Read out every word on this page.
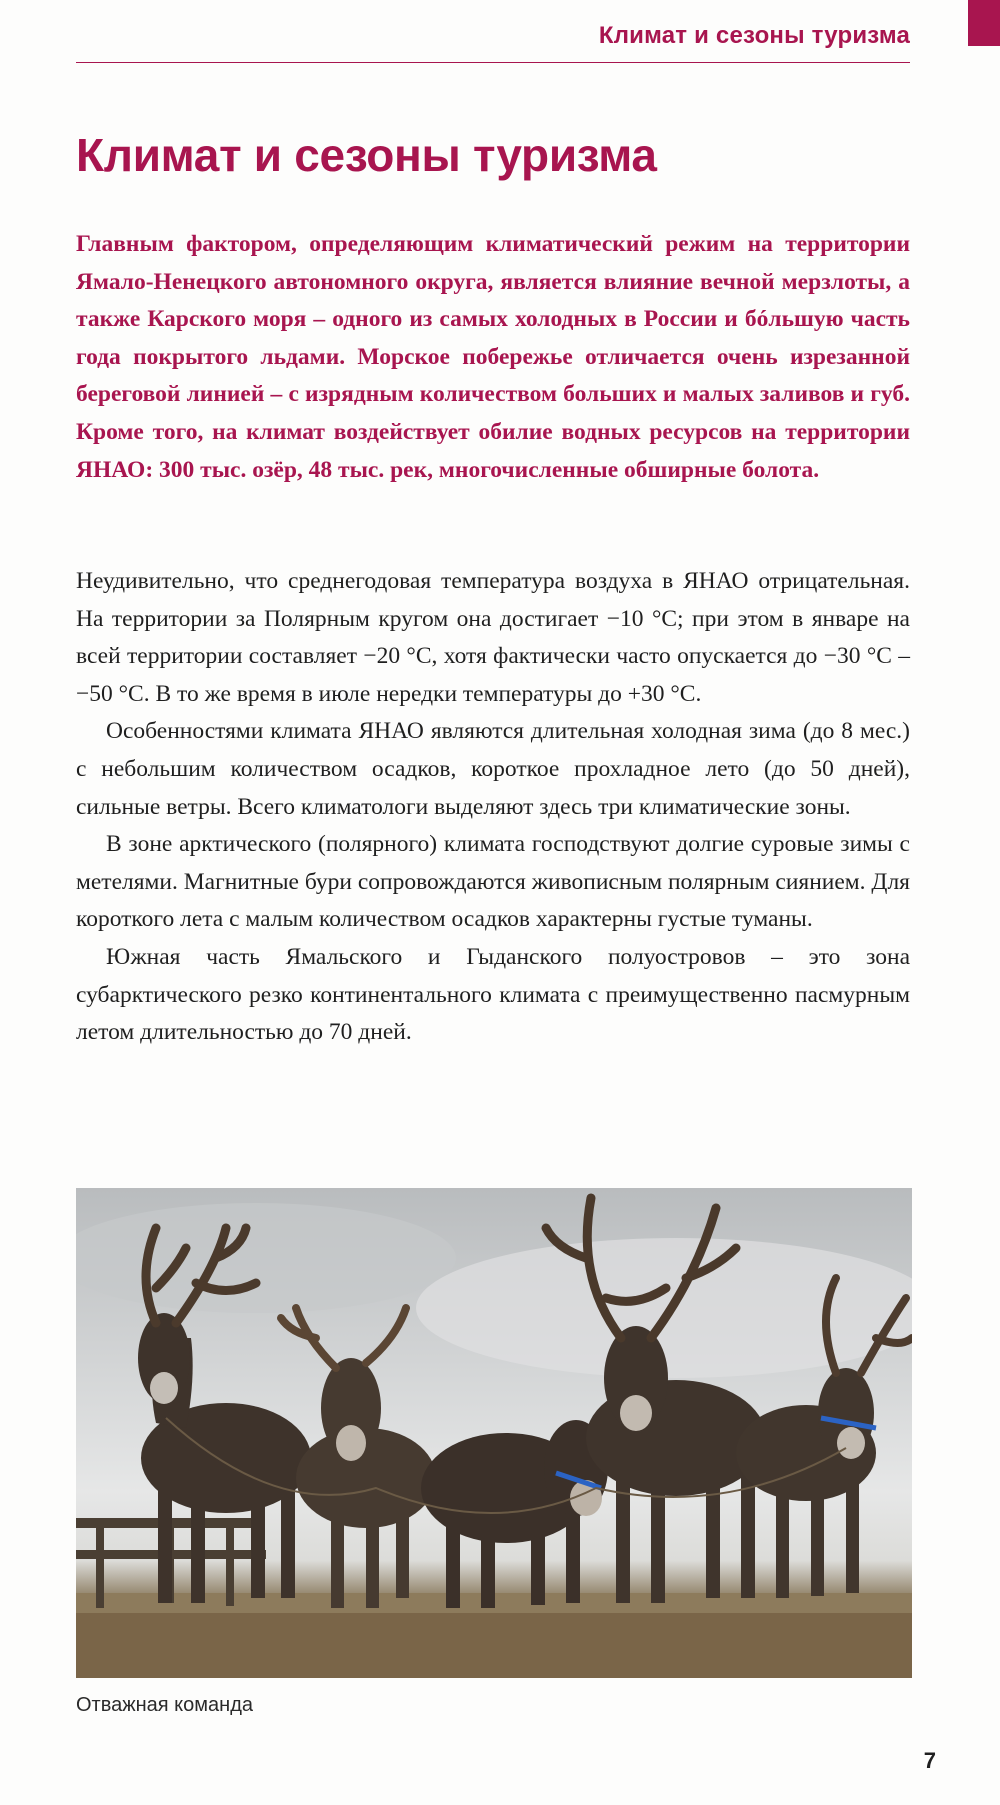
Климат и сезоны туризма
Климат и сезоны туризма

Главным фактором, определяющим климатический режим на территории Ямало-Ненецкого автономного округа, является влияние вечной мерзлоты, а также Карского моря – одного из самых холодных в России и бóльшую часть года покрытого льдами. Морское побережье отличается очень изрезанной береговой линией – с изрядным количеством больших и малых заливов и губ. Кроме того, на климат воздействует обилие водных ресурсов на территории ЯНАО: 300 тыс. озёр, 48 тыс. рек, многочисленные обширные болота.

Неудивительно, что среднегодовая температура воздуха в ЯНАО отрицательная. На территории за Полярным кругом она достигает −10 °C; при этом в январе на всей территории составляет −20 °C, хотя фактически часто опускается до −30 °C – −50 °C. В то же время в июле нередки температуры до +30 °C.

Особенностями климата ЯНАО являются длительная холодная зима (до 8 мес.) с небольшим количеством осадков, короткое прохладное лето (до 50 дней), сильные ветры. Всего климатологи выделяют здесь три климатические зоны.

В зоне арктического (полярного) климата господствуют долгие суровые зимы с метелями. Магнитные бури сопровождаются живописным полярным сиянием. Для короткого лета с малым количеством осадков характерны густые туманы.

Южная часть Ямальского и Гыданского полуостровов – это зона субарктического резко континентального климата с преимущественно пасмурным летом длительностью до 70 дней.

Отважная команда
7
